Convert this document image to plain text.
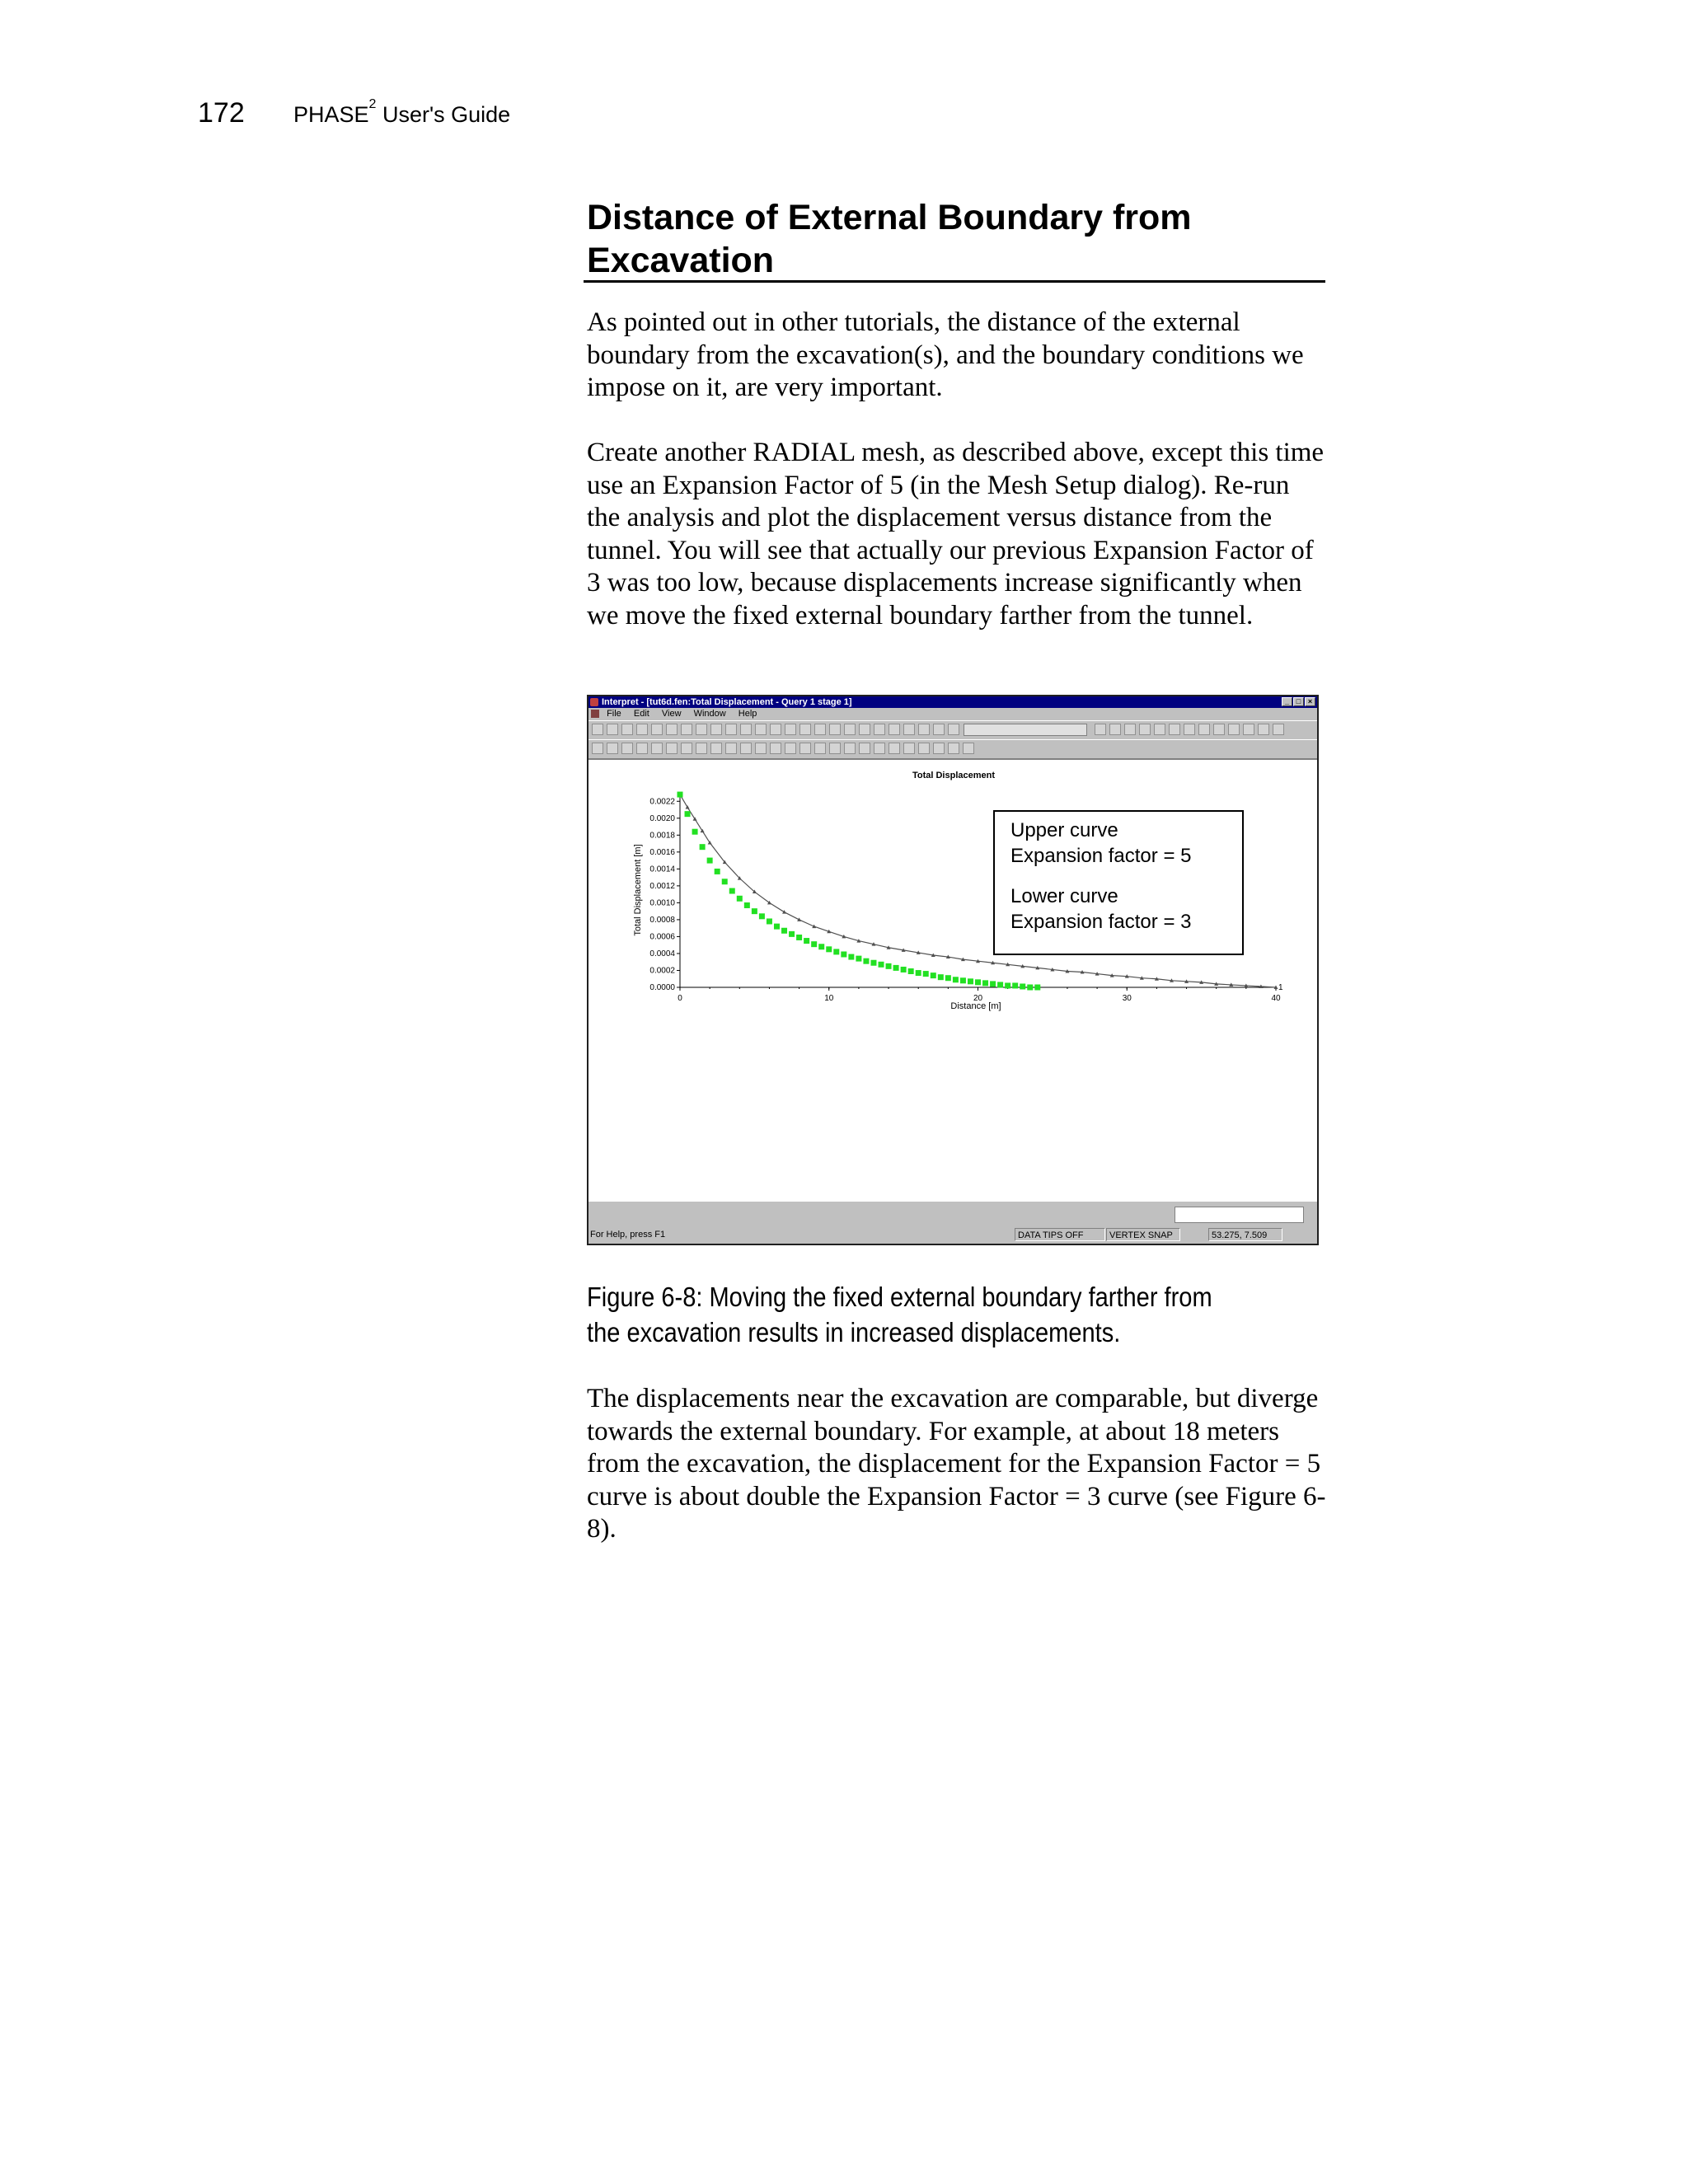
172 PHASE$^2$ User's Guide
Distance of External Boundary from Excavation

As pointed out in other tutorials, the distance of the external boundary from the excavation(s), and the boundary conditions we impose on it, are very important.

Create another RADIAL mesh, as described above, except this time use an Expansion Factor of 5 (in the Mesh Setup dialog). Re-run the analysis and plot the displacement versus distance from the tunnel. You will see that actually our previous Expansion Factor of 3 was too low, because displacements increase significantly when we move the fixed external boundary farther from the tunnel.

Interpret - [tut6d.fen:Total Displacement - Query 1 stage 1]	_ □ ×
File Edit View Window Help
Total Displacement
0	10	20	30	40
0.0000
0.0002
0.0004
0.0006
0.0008
0.0010
0.0012
0.0014
0.0016
0.0018
0.0020
0.0022
Distance [m]
Total Displacement [m]
1
Upper curve
Expansion factor = 5
Lower curve
Expansion factor = 3
For Help, press F1	DATA TIPS OFF	VERTEX SNAP	53.275, 7.509

Figure 6-8: Moving the fixed external boundary farther from the excavation results in increased displacements.

The displacements near the excavation are comparable, but diverge towards the external boundary. For example, at about 18 meters from the excavation, the displacement for the Expansion Factor = 5 curve is about double the Expansion Factor = 3 curve (see Figure 6-8).
